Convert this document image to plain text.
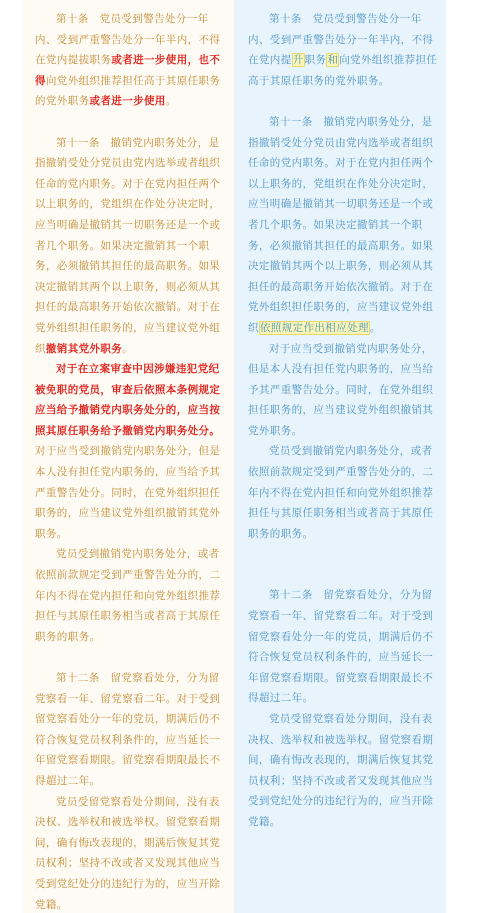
第十条　党员受到警告处分一年内、受到严重警告处分一年半内，不得在党内提拔职务或者进一步使用，也不得向党外组织推荐担任高于其原任职务的党外职务或者进一步使用。

第十一条　撤销党内职务处分，是指撤销受处分党员由党内选举或者组织任命的党内职务。对于在党内担任两个以上职务的，党组织在作处分决定时，应当明确是撤销其一切职务还是一个或者几个职务。如果决定撤销其一个职务，必须撤销其担任的最高职务。如果决定撤销其两个以上职务，则必须从其担任的最高职务开始依次撤销。对于在党外组织担任职务的，应当建议党外组织撤销其党外职务。

对于在立案审查中因涉嫌违犯党纪被免职的党员，审查后依照本条例规定应当给予撤销党内职务处分的，应当按照其原任职务给予撤销党内职务处分。对于应当受到撤销党内职务处分，但是本人没有担任党内职务的，应当给予其严重警告处分。同时，在党外组织担任职务的，应当建议党外组织撤销其党外职务。

党员受到撤销党内职务处分，或者依照前款规定受到严重警告处分的，二年内不得在党内担任和向党外组织推荐担任与其原任职务相当或者高于其原任职务的职务。

第十二条　留党察看处分，分为留党察看一年、留党察看二年。对于受到留党察看处分一年的党员，期满后仍不符合恢复党员权利条件的，应当延长一年留党察看期限。留党察看期限最长不得超过二年。

党员受留党察看处分期间，没有表决权、选举权和被选举权。留党察看期间，确有悔改表现的，期满后恢复其党员权利；坚持不改或者又发现其他应当受到党纪处分的违纪行为的，应当开除党籍。

第十条　党员受到警告处分一年内、受到严重警告处分一年半内，不得在党内提升职务和向党外组织推荐担任高于其原任职务的党外职务。

第十一条　撤销党内职务处分，是指撤销受处分党员由党内选举或者组织任命的党内职务。对于在党内担任两个以上职务的，党组织在作处分决定时，应当明确是撤销其一切职务还是一个或者几个职务。如果决定撤销其一个职务，必须撤销其担任的最高职务。如果决定撤销其两个以上职务，则必须从其担任的最高职务开始依次撤销。对于在党外组织担任职务的，应当建议党外组织依照规定作出相应处理。

对于应当受到撤销党内职务处分，但是本人没有担任党内职务的，应当给予其严重警告处分。同时，在党外组织担任职务的，应当建议党外组织撤销其党外职务。

党员受到撤销党内职务处分，或者依照前款规定受到严重警告处分的，二年内不得在党内担任和向党外组织推荐担任与其原任职务相当或者高于其原任职务的职务。

第十二条　留党察看处分，分为留党察看一年、留党察看二年。对于受到留党察看处分一年的党员，期满后仍不符合恢复党员权利条件的，应当延长一年留党察看期限。留党察看期限最长不得超过二年。

党员受留党察看处分期间，没有表决权、选举权和被选举权。留党察看期间，确有悔改表现的，期满后恢复其党员权利；坚持不改或者又发现其他应当受到党纪处分的违纪行为的，应当开除党籍。
